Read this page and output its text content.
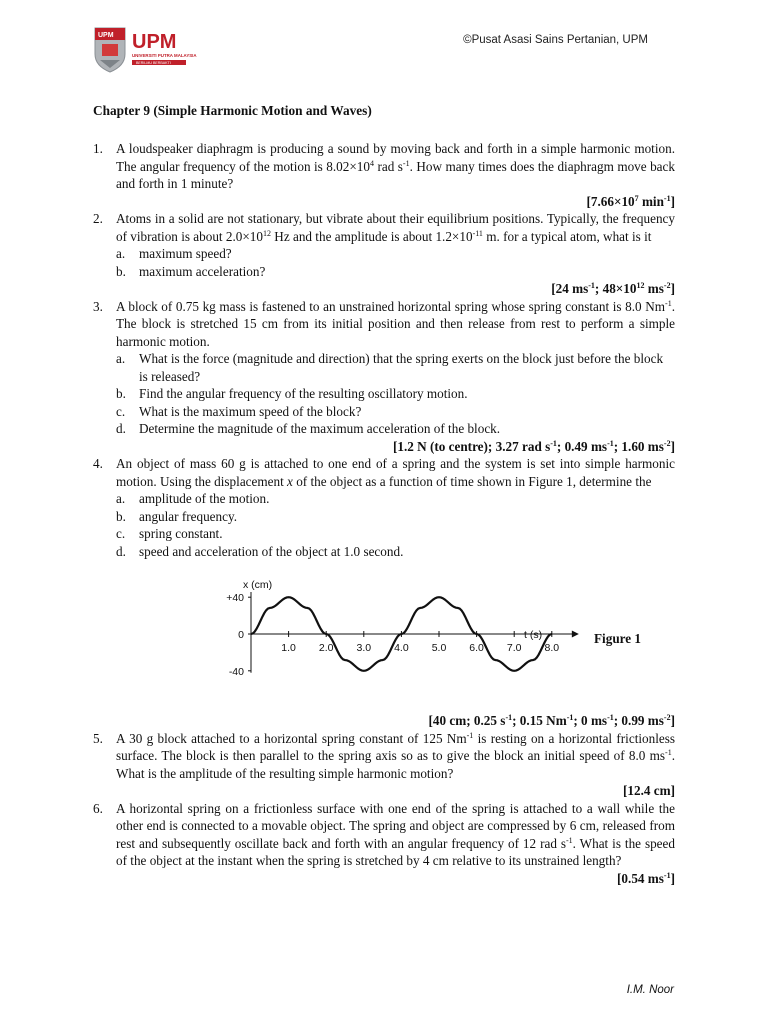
UPM UPM
UNIVERSITI PUTRA MALAYSIA
BERILMU BERBAKTI
©Pusat Asasi Sains Pertanian, UPM
Chapter 9 (Simple Harmonic Motion and Waves)
1. A loudspeaker diaphragm is producing a sound by moving back and forth in a simple harmonic motion. The angular frequency of the motion is $8.02\times 10^4$ rad $s^{-1}$. How many times does the diaphragm move back and forth in 1 minute?
[$7.66\times 10^7$ $\min^{-1}$]
2. Atoms in a solid are not stationary, but vibrate about their equilibrium positions. Typically, the frequency of vibration is about $2.0\times 10^{12}$ Hz and the amplitude is about $1.2\times 10^{-11}$ m. for a typical atom, what is it
a. maximum speed?
b. maximum acceleration?
[24 $ms^{-1}$; $48\times 10^{12}$ $ms^{-2}$]
3. A block of 0.75 kg mass is fastened to an unstrained horizontal spring whose spring constant is 8.0 $Nm^{-1}$. The block is stretched 15 cm from its initial position and then release from rest to perform a simple harmonic motion.
a. What is the force (magnitude and direction) that the spring exerts on the block just before the block is released?
b. Find the angular frequency of the resulting oscillatory motion.
c. What is the maximum speed of the block?
d. Determine the magnitude of the maximum acceleration of the block.
[1.2 N (to centre); 3.27 rad $s^{-1}$; 0.49 $ms^{-1}$; 1.60 $ms^{-2}$]
4. An object of mass 60 g is attached to one end of a spring and the system is set into simple harmonic motion. Using the displacement x of the object as a function of time shown in Figure 1, determine the
a. amplitude of the motion.
b. angular frequency.
c. spring constant.
d. speed and acceleration of the object at 1.0 second.
x (cm)
t (s)
+40
0
-40
1.0 2.0 3.0 4.0 5.0 6.0 7.0 8.0
Figure 1
[40 cm; 0.25 $s^{-1}$; 0.15 $Nm^{-1}$; 0 $ms^{-1}$; 0.99 $ms^{-2}$]
5. A 30 g block attached to a horizontal spring constant of 125 $Nm^{-1}$ is resting on a horizontal frictionless surface. The block is then parallel to the spring axis so as to give the block an initial speed of 8.0 $ms^{-1}$. What is the amplitude of the resulting simple harmonic motion?
[12.4 cm]
6. A horizontal spring on a frictionless surface with one end of the spring is attached to a wall while the other end is connected to a movable object. The spring and object are compressed by 6 cm, released from rest and subsequently oscillate back and forth with an angular frequency of 12 rad $s^{-1}$. What is the speed of the object at the instant when the spring is stretched by 4 cm relative to its unstrained length?
[0.54 $ms^{-1}$]
I.M. Noor
